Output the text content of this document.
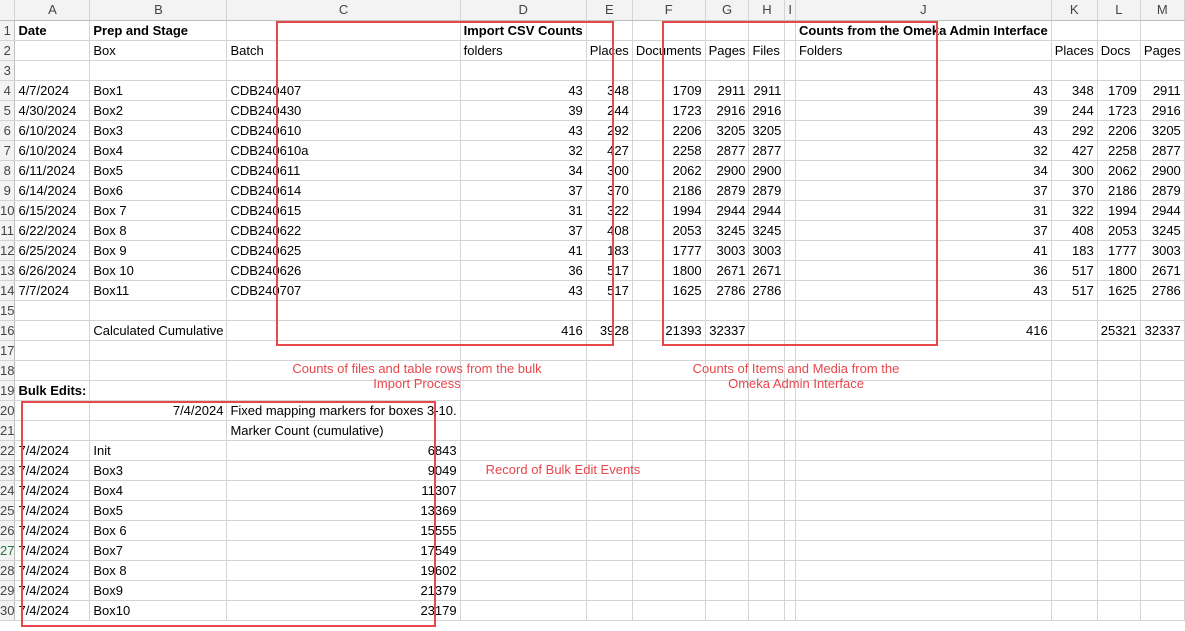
	A	B	C	D	E	F	G	H	I	J	K	L	M
1	Date	Prep and Stage		Import CSV Counts						Counts from the Omeka Admin Interface			
2		Box	Batch	folders	Places	Documents	Pages	Files		Folders	Places	Docs	Pages
3													
4	4/7/2024	Box1	CDB240407	43	348	1709	2911	2911		43	348	1709	2911
5	4/30/2024	Box2	CDB240430	39	244	1723	2916	2916		39	244	1723	2916
6	6/10/2024	Box3	CDB240610	43	292	2206	3205	3205		43	292	2206	3205
7	6/10/2024	Box4	CDB240610a	32	427	2258	2877	2877		32	427	2258	2877
8	6/11/2024	Box5	CDB240611	34	300	2062	2900	2900		34	300	2062	2900
9	6/14/2024	Box6	CDB240614	37	370	2186	2879	2879		37	370	2186	2879
10	6/15/2024	Box 7	CDB240615	31	322	1994	2944	2944		31	322	1994	2944
11	6/22/2024	Box 8	CDB240622	37	408	2053	3245	3245		37	408	2053	3245
12	6/25/2024	Box 9	CDB240625	41	183	1777	3003	3003		41	183	1777	3003
13	6/26/2024	Box 10	CDB240626	36	517	1800	2671	2671		36	517	1800	2671
14	7/7/2024	Box11	CDB240707	43	517	1625	2786	2786		43	517	1625	2786
15													
16		Calculated Cumulative		416	3928	21393	32337			416		25321	32337
17													
18													
19	Bulk Edits:												
20		7/4/2024	Fixed mapping markers for boxes 3-10.										
21			Marker Count (cumulative)										
22	7/4/2024	Init	6843										
23	7/4/2024	Box3	9049										
24	7/4/2024	Box4	11307										
25	7/4/2024	Box5	13369										
26	7/4/2024	Box 6	15555										
27	7/4/2024	Box7	17549										
28	7/4/2024	Box 8	19602										
29	7/4/2024	Box9	21379										
30	7/4/2024	Box10	23179										
Counts of files and table rows from the bulk Import Process
Counts of Items and Media from the Omeka Admin Interface
Record of Bulk Edit Events
